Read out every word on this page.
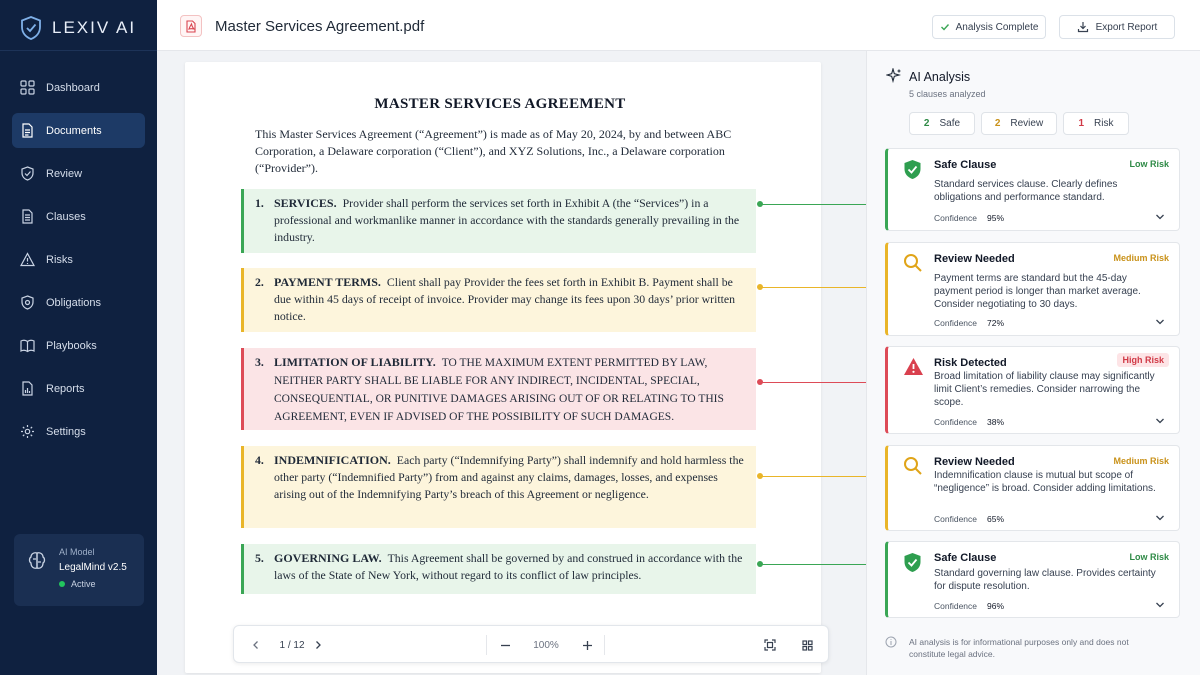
LEXIV AI
Dashboard
Documents
Review
Clauses
Risks
Obligations
Playbooks
Reports
Settings
AI Model
LegalMind v2.5
Active
Master Services Agreement.pdf	Analysis Complete	Export Report
MASTER SERVICES AGREEMENT
This Master Services Agreement (“Agreement”) is made as of May 20, 2024, by and between ABC Corporation, a Delaware corporation (“Client”), and XYZ Solutions, Inc., a Delaware corporation (“Provider”).
1. SERVICES. Provider shall perform the services set forth in Exhibit A (the “Services”) in a professional and workmanlike manner in accordance with the standards generally prevailing in the industry.
2. PAYMENT TERMS. Client shall pay Provider the fees set forth in Exhibit B. Payment shall be due within 45 days of receipt of invoice. Provider may change its fees upon 30 days’ prior written notice.
3. LIMITATION OF LIABILITY. TO THE MAXIMUM EXTENT PERMITTED BY LAW, NEITHER PARTY SHALL BE LIABLE FOR ANY INDIRECT, INCIDENTAL, SPECIAL, CONSEQUENTIAL, OR PUNITIVE DAMAGES ARISING OUT OF OR RELATING TO THIS AGREEMENT, EVEN IF ADVISED OF THE POSSIBILITY OF SUCH DAMAGES.
4. INDEMNIFICATION. Each party (“Indemnifying Party”) shall indemnify and hold harmless the other party (“Indemnified Party”) from and against any claims, damages, losses, and expenses arising out of the Indemnifying Party’s breach of this Agreement or negligence.
5. GOVERNING LAW. This Agreement shall be governed by and construed in accordance with the laws of the State of New York, without regard to its conflict of law principles.
1 / 12	100%
AI Analysis
5 clauses analyzed
2 Safe	2 Review	1 Risk
Safe Clause	Low Risk
Standard services clause. Clearly defines obligations and performance standard.
Confidence 95%
Review Needed	Medium Risk
Payment terms are standard but the 45-day payment period is longer than market average. Consider negotiating to 30 days.
Confidence 72%
Risk Detected	High Risk
Broad limitation of liability clause may significantly limit Client’s remedies. Consider narrowing the scope.
Confidence 38%
Review Needed	Medium Risk
Indemnification clause is mutual but scope of “negligence” is broad. Consider adding limitations.
Confidence 65%
Safe Clause	Low Risk
Standard governing law clause. Provides certainty for dispute resolution.
Confidence 96%
AI analysis is for informational purposes only and does not constitute legal advice.
